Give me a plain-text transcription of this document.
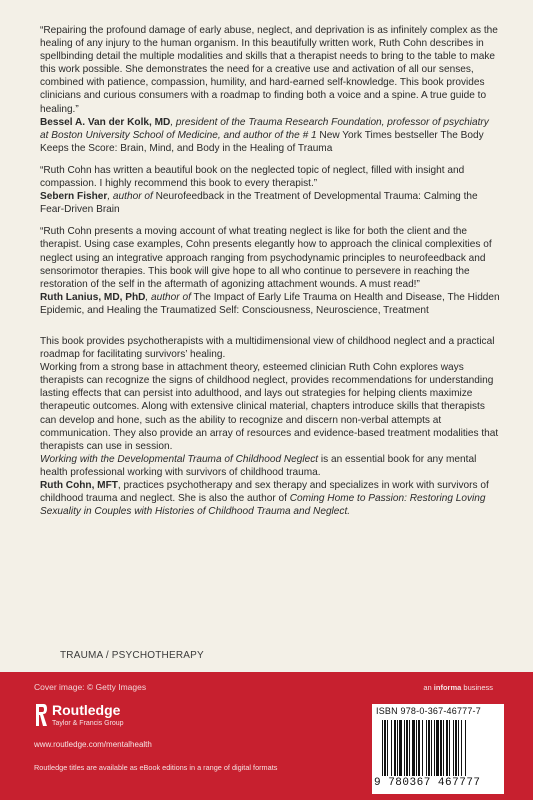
“Repairing the profound damage of early abuse, neglect, and deprivation is as infinitely complex as the healing of any injury to the human organism. In this beautifully written work, Ruth Cohn describes in spellbinding detail the multiple modalities and skills that a therapist needs to bring to the table to make this work possible. She demonstrates the need for a creative use and activation of all our senses, combined with patience, compassion, humility, and hard-earned self-knowledge. This book provides clinicians and curious consumers with a roadmap to finding both a voice and a spine. A true guide to healing.”

Bessel A. Van der Kolk, MD, president of the Trauma Research Foundation, professor of psychiatry at Boston University School of Medicine, and author of the # 1 New York Times bestseller The Body Keeps the Score: Brain, Mind, and Body in the Healing of Trauma

“Ruth Cohn has written a beautiful book on the neglected topic of neglect, filled with insight and compassion. I highly recommend this book to every therapist.”

Sebern Fisher, author of Neurofeedback in the Treatment of Developmental Trauma: Calming the Fear-Driven Brain

“Ruth Cohn presents a moving account of what treating neglect is like for both the client and the therapist. Using case examples, Cohn presents elegantly how to approach the clinical complexities of neglect using an integrative approach ranging from psychodynamic principles to neurofeedback and sensorimotor therapies. This book will give hope to all who continue to persevere in reaching the restoration of the self in the aftermath of agonizing attachment wounds. A must read!”

Ruth Lanius, MD, PhD, author of The Impact of Early Life Trauma on Health and Disease, The Hidden Epidemic, and Healing the Traumatized Self: Consciousness, Neuroscience, Treatment

This book provides psychotherapists with a multidimensional view of childhood neglect and a practical roadmap for facilitating survivors’ healing.

Working from a strong base in attachment theory, esteemed clinician Ruth Cohn explores ways therapists can recognize the signs of childhood neglect, provides recommendations for understanding lasting effects that can persist into adulthood, and lays out strategies for helping clients maximize therapeutic outcomes. Along with extensive clinical material, chapters introduce skills that therapists can develop and hone, such as the ability to recognize and discern non-verbal attempts at communication. They also provide an array of resources and evidence-based treatment modalities that therapists can use in session.

Working with the Developmental Trauma of Childhood Neglect is an essential book for any mental health professional working with survivors of childhood trauma.

Ruth Cohn, MFT, practices psychotherapy and sex therapy and specializes in work with survivors of childhood trauma and neglect. She is also the author of Coming Home to Passion: Restoring Loving Sexuality in Couples with Histories of Childhood Trauma and Neglect.

TRAUMA / PSYCHOTHERAPY
Cover image: © Getty Images	an informa business
Routledge
Taylor & Francis Group
www.routledge.com/mentalhealth
Routledge titles are available as eBook editions in a range of digital formats
ISBN 978-0-367-46777-7
9 780367 467777
